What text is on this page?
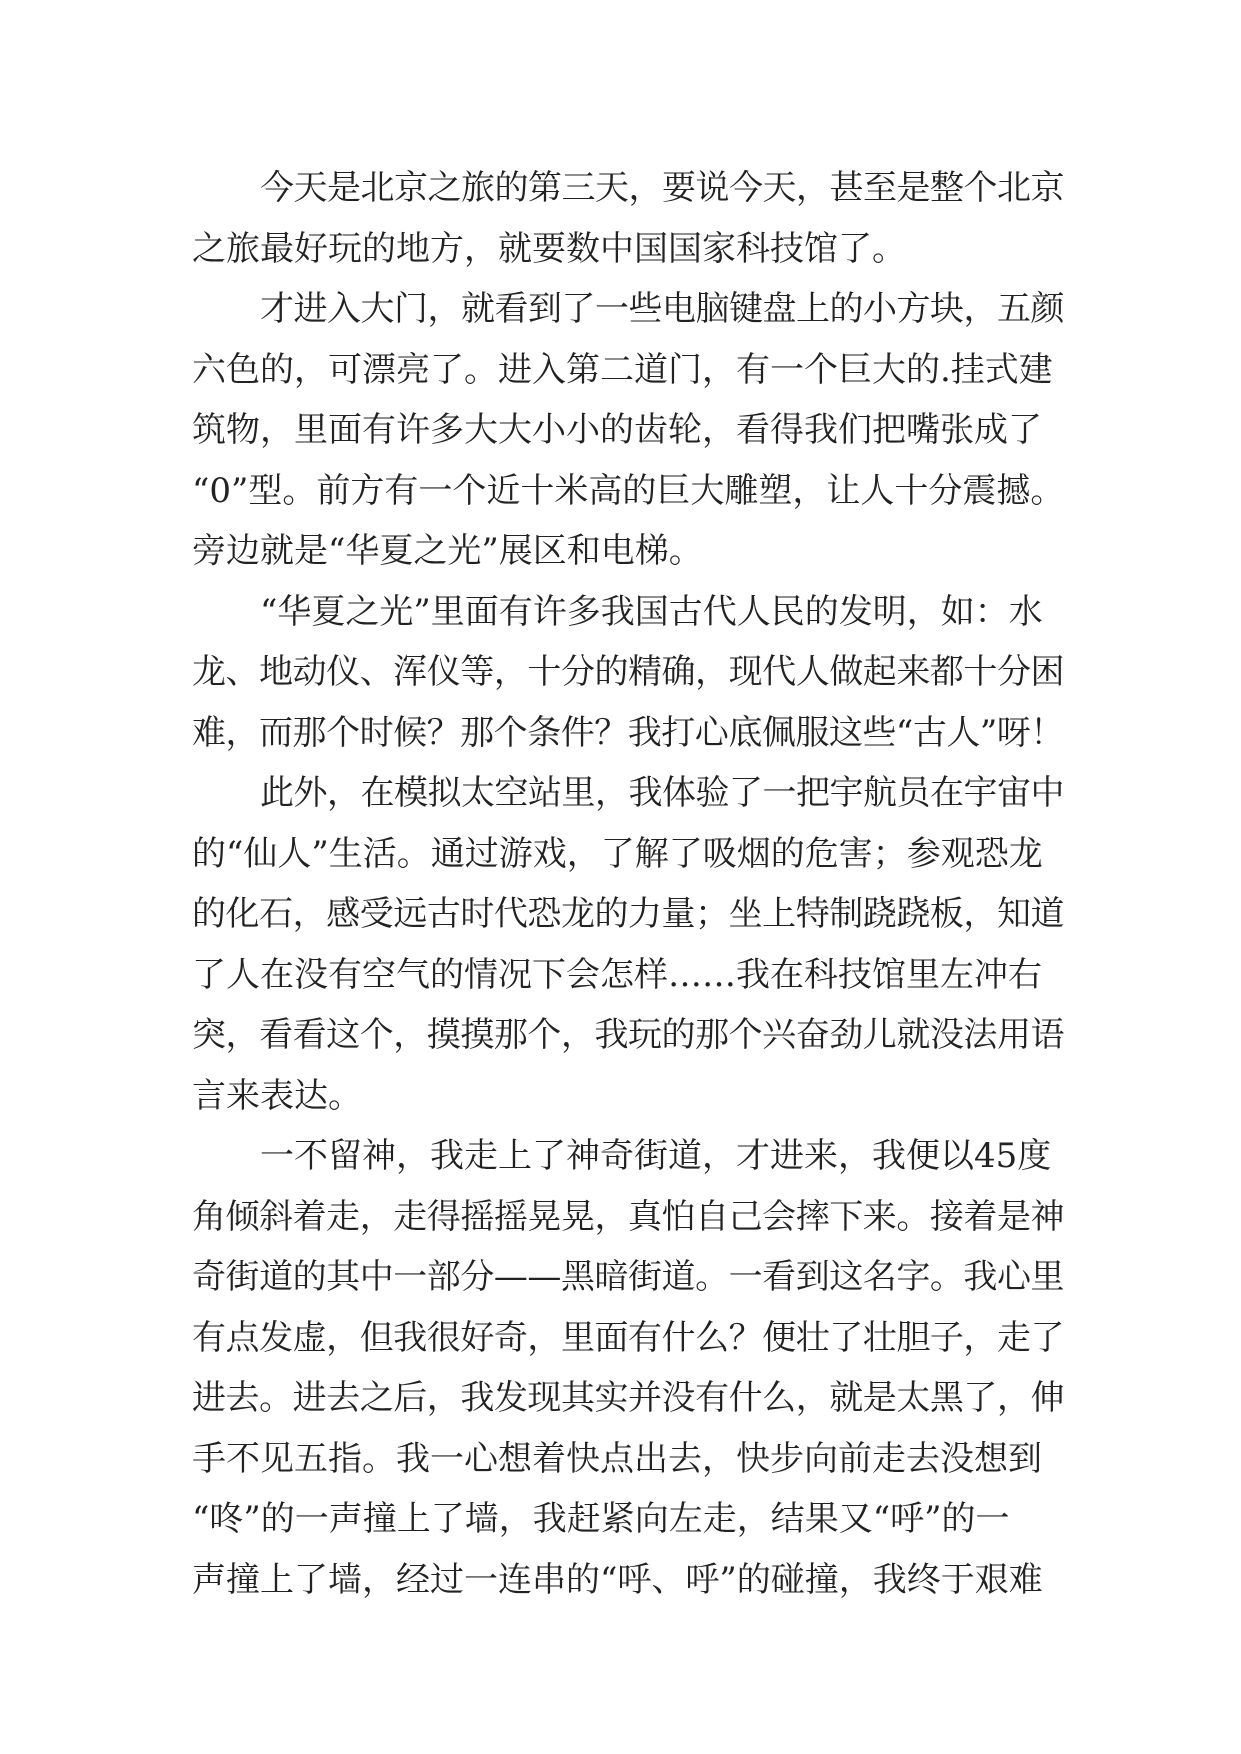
今天是北京之旅的第三天，要说今天，甚至是整个北京
之旅最好玩的地方，就要数中国国家科技馆了。
才进入大门，就看到了一些电脑键盘上的小方块，五颜
六色的，可漂亮了。进入第二道门，有一个巨大的.挂式建
筑物，里面有许多大大小小的齿轮，看得我们把嘴张成了
“0”型。前方有一个近十米高的巨大雕塑，让人十分震撼。
旁边就是“华夏之光”展区和电梯。
“华夏之光”里面有许多我国古代人民的发明，如：水
龙、地动仪、浑仪等，十分的精确，现代人做起来都十分困
难，而那个时候？那个条件？我打心底佩服这些“古人”呀！
此外，在模拟太空站里，我体验了一把宇航员在宇宙中
的“仙人”生活。通过游戏，了解了吸烟的危害；参观恐龙
的化石，感受远古时代恐龙的力量；坐上特制跷跷板，知道
了人在没有空气的情况下会怎样……我在科技馆里左冲右
突，看看这个，摸摸那个，我玩的那个兴奋劲儿就没法用语
言来表达。
一不留神，我走上了神奇街道，才进来，我便以45度
角倾斜着走，走得摇摇晃晃，真怕自己会摔下来。接着是神
奇街道的其中一部分——黑暗街道。一看到这名字。我心里
有点发虚，但我很好奇，里面有什么？便壮了壮胆子，走了
进去。进去之后，我发现其实并没有什么，就是太黑了，伸
手不见五指。我一心想着快点出去，快步向前走去没想到
“咚”的一声撞上了墙，我赶紧向左走，结果又“呼”的一
声撞上了墙，经过一连串的“呼、呼”的碰撞，我终于艰难
